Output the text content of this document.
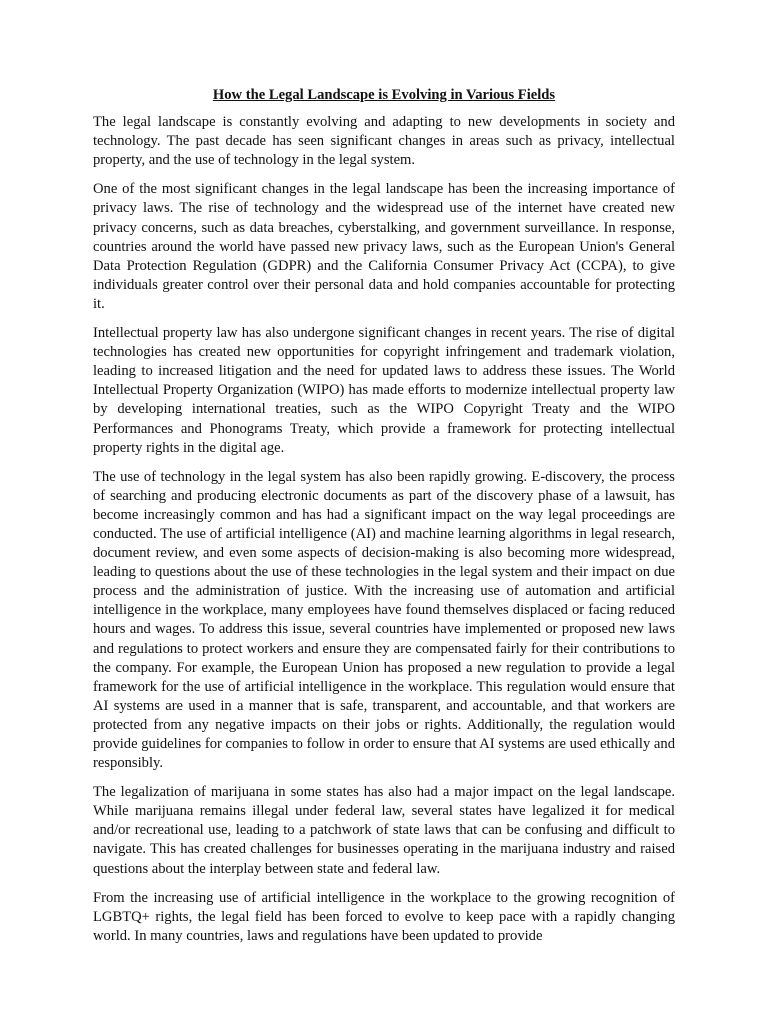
How the Legal Landscape is Evolving in Various Fields

The legal landscape is constantly evolving and adapting to new developments in society and technology. The past decade has seen significant changes in areas such as privacy, intellectual property, and the use of technology in the legal system.

One of the most significant changes in the legal landscape has been the increasing importance of privacy laws. The rise of technology and the widespread use of the internet have created new privacy concerns, such as data breaches, cyberstalking, and government surveillance. In response, countries around the world have passed new privacy laws, such as the European Union's General Data Protection Regulation (GDPR) and the California Consumer Privacy Act (CCPA), to give individuals greater control over their personal data and hold companies accountable for protecting it.

Intellectual property law has also undergone significant changes in recent years. The rise of digital technologies has created new opportunities for copyright infringement and trademark violation, leading to increased litigation and the need for updated laws to address these issues. The World Intellectual Property Organization (WIPO) has made efforts to modernize intellectual property law by developing international treaties, such as the WIPO Copyright Treaty and the WIPO Performances and Phonograms Treaty, which provide a framework for protecting intellectual property rights in the digital age.

The use of technology in the legal system has also been rapidly growing. E-discovery, the process of searching and producing electronic documents as part of the discovery phase of a lawsuit, has become increasingly common and has had a significant impact on the way legal proceedings are conducted. The use of artificial intelligence (AI) and machine learning algorithms in legal research, document review, and even some aspects of decision-making is also becoming more widespread, leading to questions about the use of these technologies in the legal system and their impact on due process and the administration of justice. With the increasing use of automation and artificial intelligence in the workplace, many employees have found themselves displaced or facing reduced hours and wages. To address this issue, several countries have implemented or proposed new laws and regulations to protect workers and ensure they are compensated fairly for their contributions to the company. For example, the European Union has proposed a new regulation to provide a legal framework for the use of artificial intelligence in the workplace. This regulation would ensure that AI systems are used in a manner that is safe, transparent, and accountable, and that workers are protected from any negative impacts on their jobs or rights. Additionally, the regulation would provide guidelines for companies to follow in order to ensure that AI systems are used ethically and responsibly.

The legalization of marijuana in some states has also had a major impact on the legal landscape. While marijuana remains illegal under federal law, several states have legalized it for medical and/or recreational use, leading to a patchwork of state laws that can be confusing and difficult to navigate. This has created challenges for businesses operating in the marijuana industry and raised questions about the interplay between state and federal law.

From the increasing use of artificial intelligence in the workplace to the growing recognition of LGBTQ+ rights, the legal field has been forced to evolve to keep pace with a rapidly changing world. In many countries, laws and regulations have been updated to provide
